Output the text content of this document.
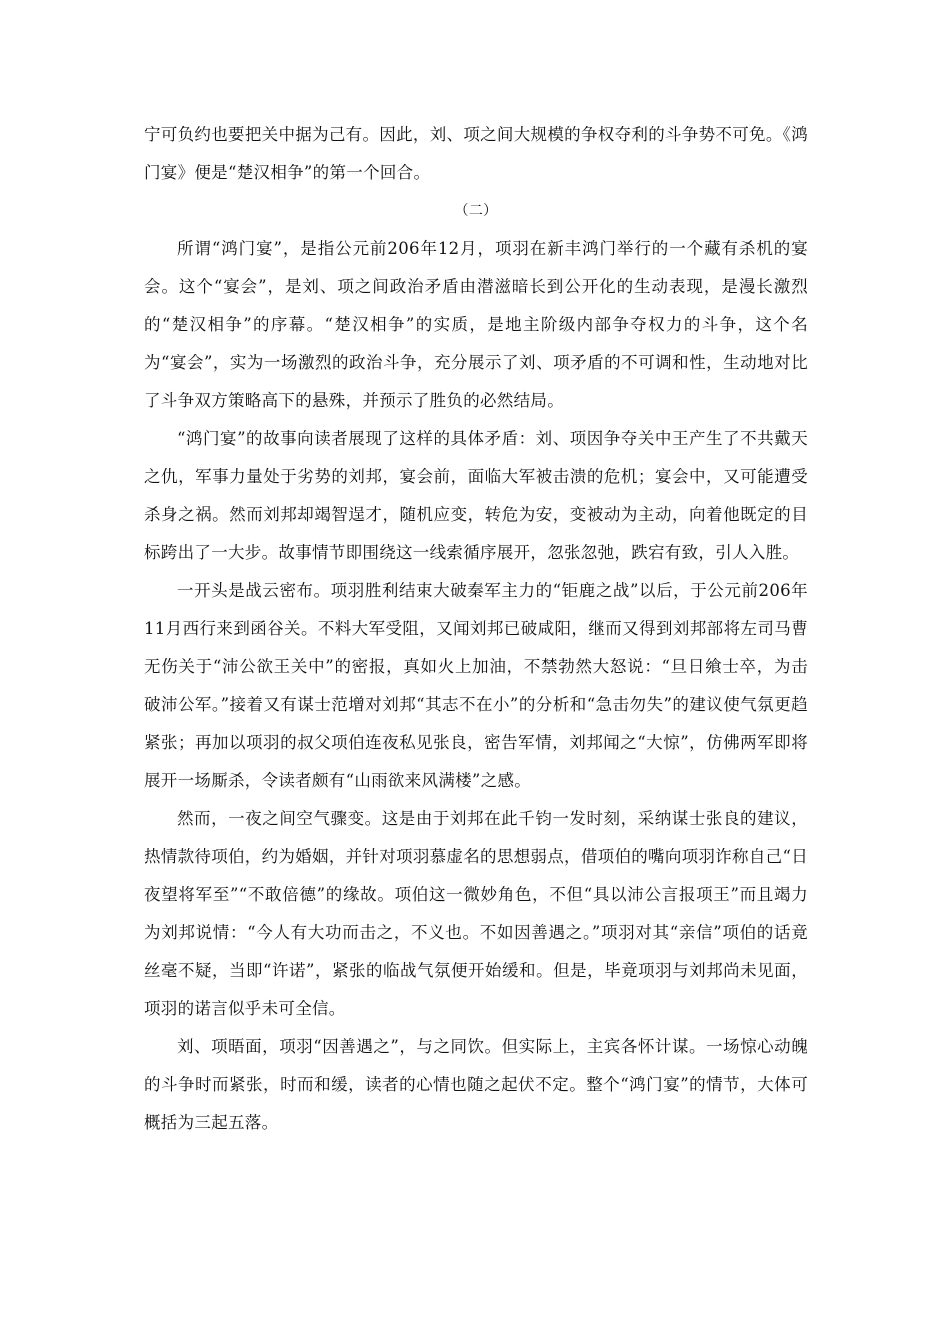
宁可负约也要把关中据为己有。因此，刘、项之间大规模的争权夺利的斗争势不可免。《鸿门宴》便是“楚汉相争”的第一个回合。

（二）

所谓“鸿门宴”，是指公元前206年12月，项羽在新丰鸿门举行的一个藏有杀机的宴会。这个“宴会”，是刘、项之间政治矛盾由潜滋暗长到公开化的生动表现，是漫长激烈的“楚汉相争”的序幕。“楚汉相争”的实质，是地主阶级内部争夺权力的斗争，这个名为“宴会”，实为一场激烈的政治斗争，充分展示了刘、项矛盾的不可调和性，生动地对比了斗争双方策略高下的悬殊，并预示了胜负的必然结局。

“鸿门宴”的故事向读者展现了这样的具体矛盾：刘、项因争夺关中王产生了不共戴天之仇，军事力量处于劣势的刘邦，宴会前，面临大军被击溃的危机；宴会中，又可能遭受杀身之祸。然而刘邦却竭智逞才，随机应变，转危为安，变被动为主动，向着他既定的目标跨出了一大步。故事情节即围绕这一线索循序展开，忽张忽弛，跌宕有致，引人入胜。

一开头是战云密布。项羽胜利结束大破秦军主力的“钜鹿之战”以后，于公元前206年11月西行来到函谷关。不料大军受阻，又闻刘邦已破咸阳，继而又得到刘邦部将左司马曹无伤关于“沛公欲王关中”的密报，真如火上加油，不禁勃然大怒说：“旦日飨士卒，为击破沛公军。”接着又有谋士范增对刘邦“其志不在小”的分析和“急击勿失”的建议使气氛更趋紧张；再加以项羽的叔父项伯连夜私见张良，密告军情，刘邦闻之“大惊”，仿佛两军即将展开一场厮杀，令读者颇有“山雨欲来风满楼”之感。

然而，一夜之间空气骤变。这是由于刘邦在此千钧一发时刻，采纳谋士张良的建议，热情款待项伯，约为婚姻，并针对项羽慕虚名的思想弱点，借项伯的嘴向项羽诈称自己“日夜望将军至”“不敢倍德”的缘故。项伯这一微妙角色，不但“具以沛公言报项王”而且竭力为刘邦说情：“今人有大功而击之，不义也。不如因善遇之。”项羽对其“亲信”项伯的话竟丝毫不疑，当即“许诺”，紧张的临战气氛便开始缓和。但是，毕竟项羽与刘邦尚未见面，项羽的诺言似乎未可全信。

刘、项晤面，项羽“因善遇之”，与之同饮。但实际上，主宾各怀计谋。一场惊心动魄的斗争时而紧张，时而和缓，读者的心情也随之起伏不定。整个“鸿门宴”的情节，大体可概括为三起五落。
